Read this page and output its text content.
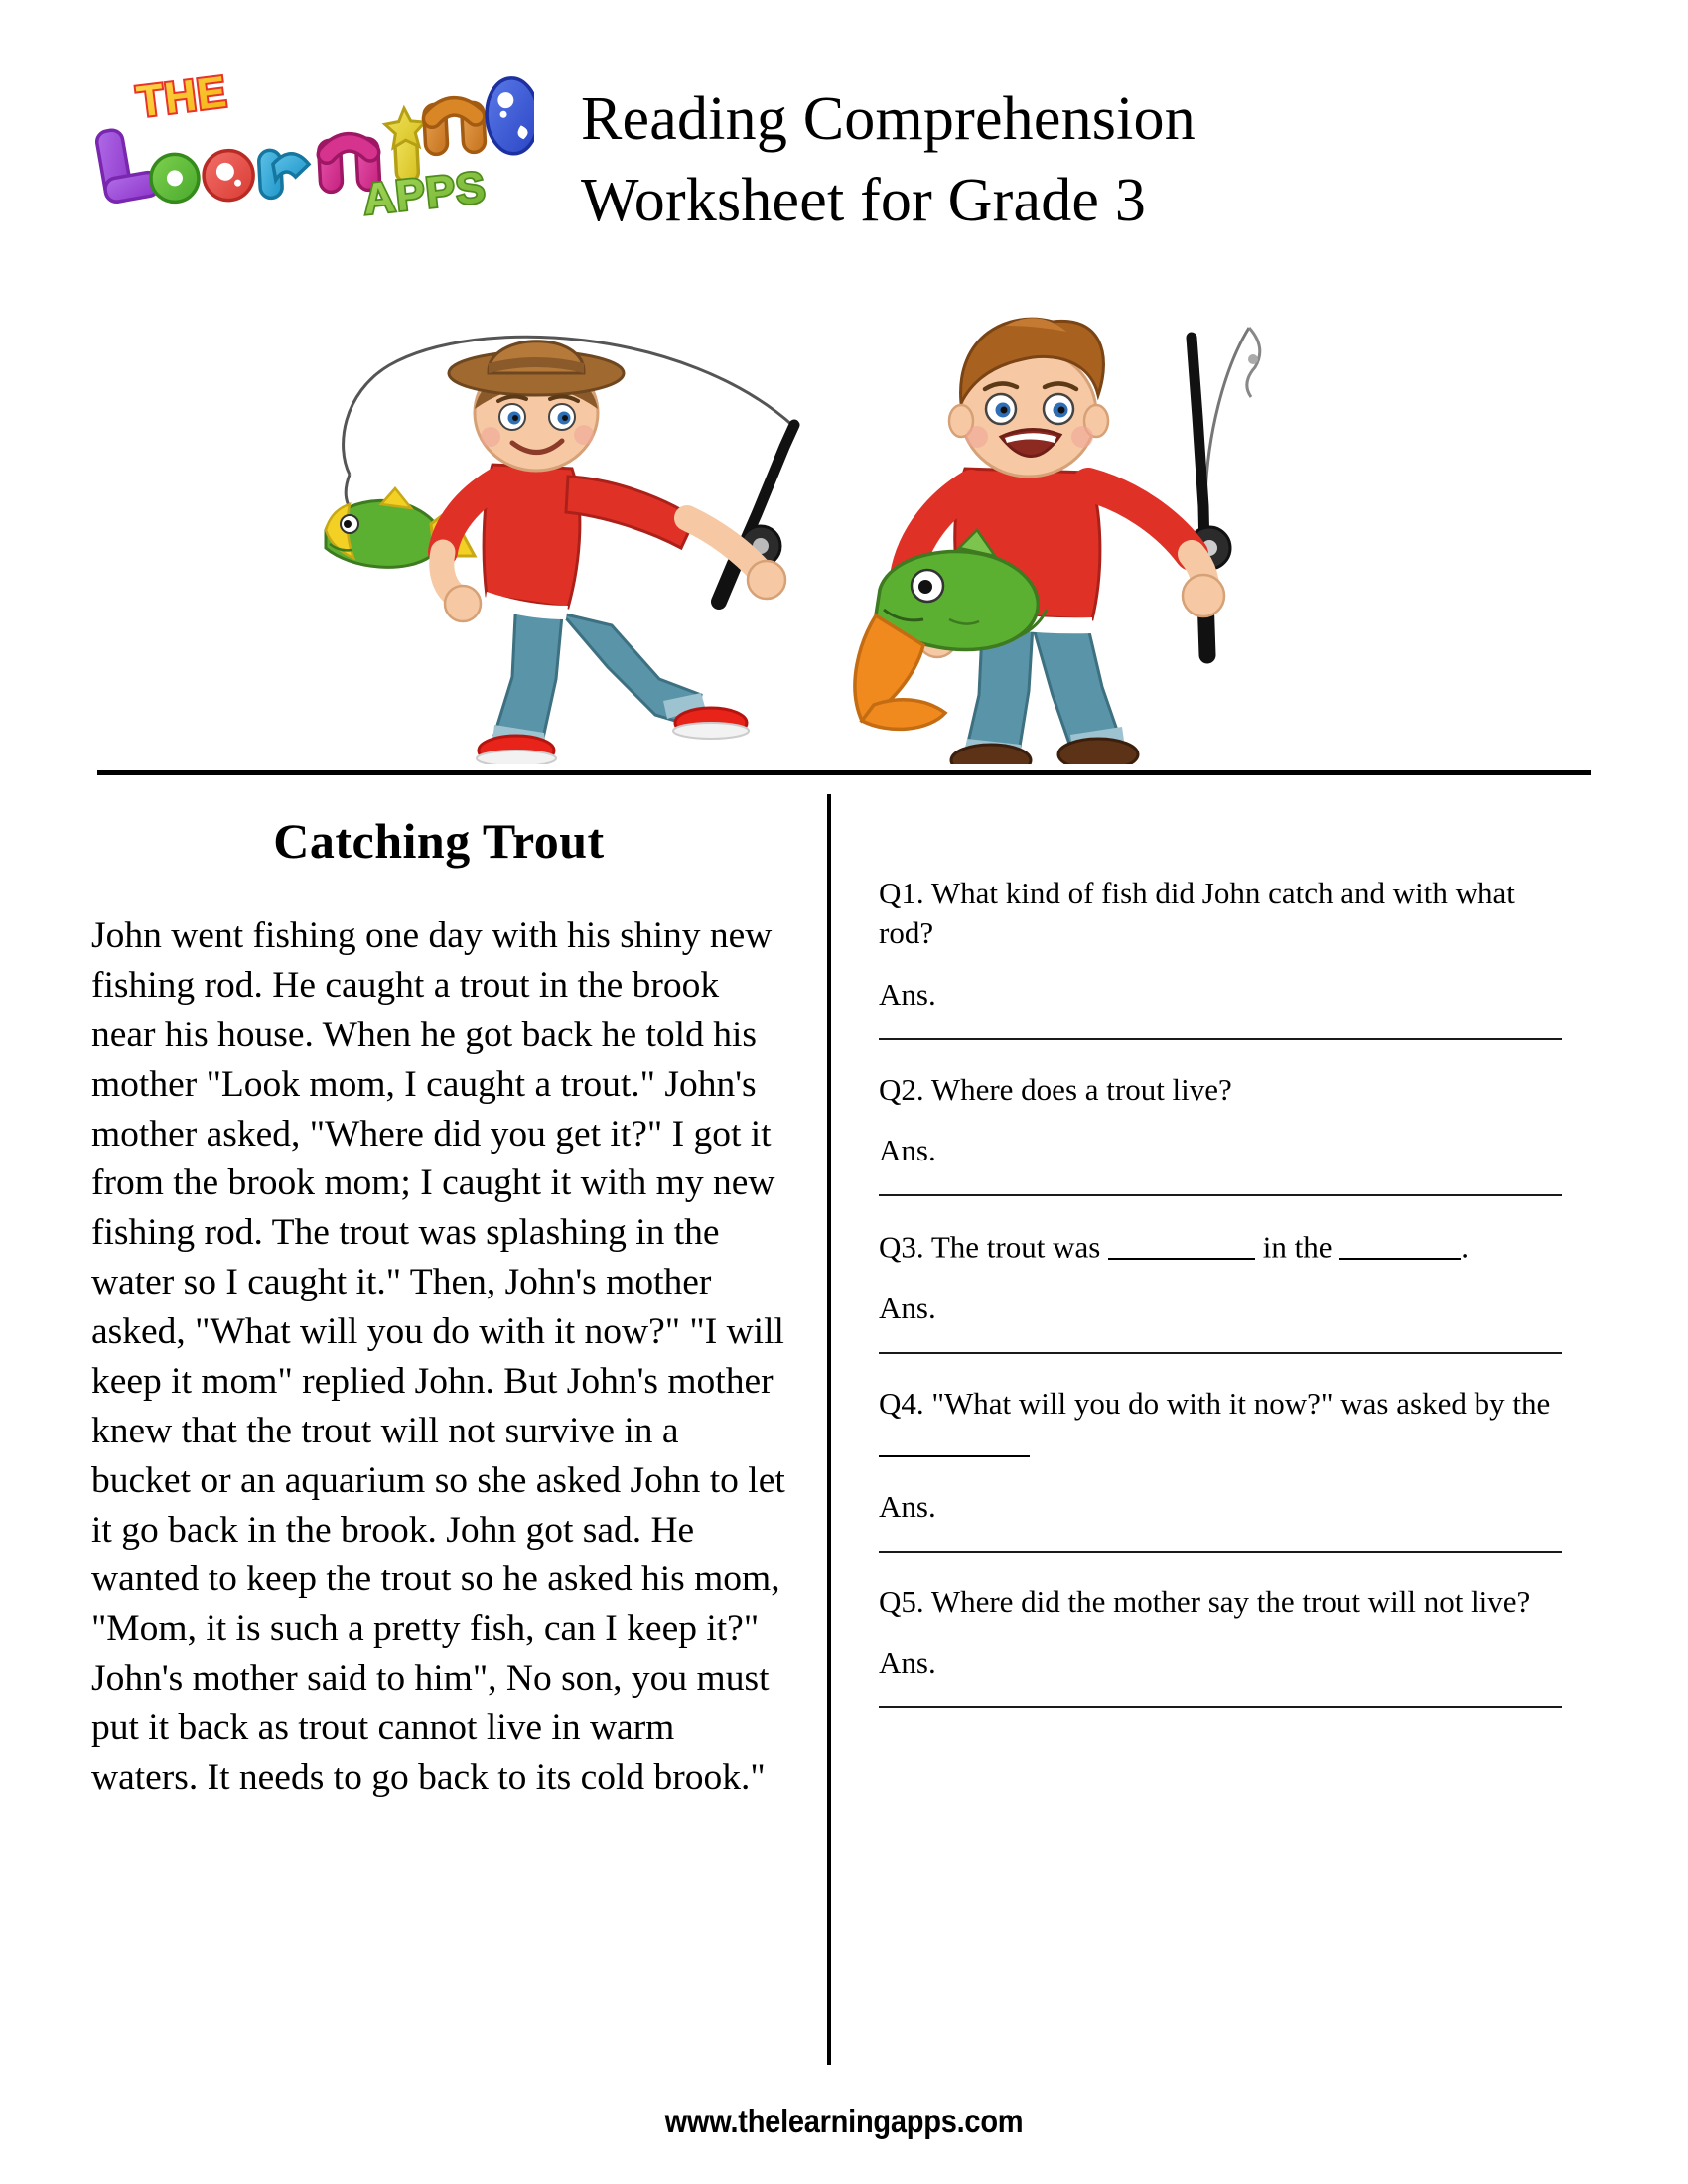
THE
APPS
Reading Comprehension
Worksheet for Grade 3
Catching Trout

John went fishing one day with his shiny new fishing rod. He caught a trout in the brook near his house. When he got back he told his mother "Look mom, I caught a trout." John's mother asked, "Where did you get it?" I got it from the brook mom; I caught it with my new fishing rod. The trout was splashing in the water so I caught it." Then, John's mother asked, "What will you do with it now?" "I will keep it mom" replied John. But John's mother knew that the trout will not survive in a bucket or an aquarium so she asked John to let it go back in the brook. John got sad. He wanted to keep the trout so he asked his mom, "Mom, it is such a pretty fish, can I keep it?" John's mother said to him", No son, you must put it back as trout cannot live in warm waters. It needs to go back to its cold brook."

Q1. What kind of fish did John catch and with what rod?

Ans.

Q2. Where does a trout live?

Ans.

Q3. The trout was	in the	.

Ans.

Q4. "What will you do with it now?" was asked by the

Ans.

Q5. Where did the mother say the trout will not live?

Ans.

www.thelearningapps.com
